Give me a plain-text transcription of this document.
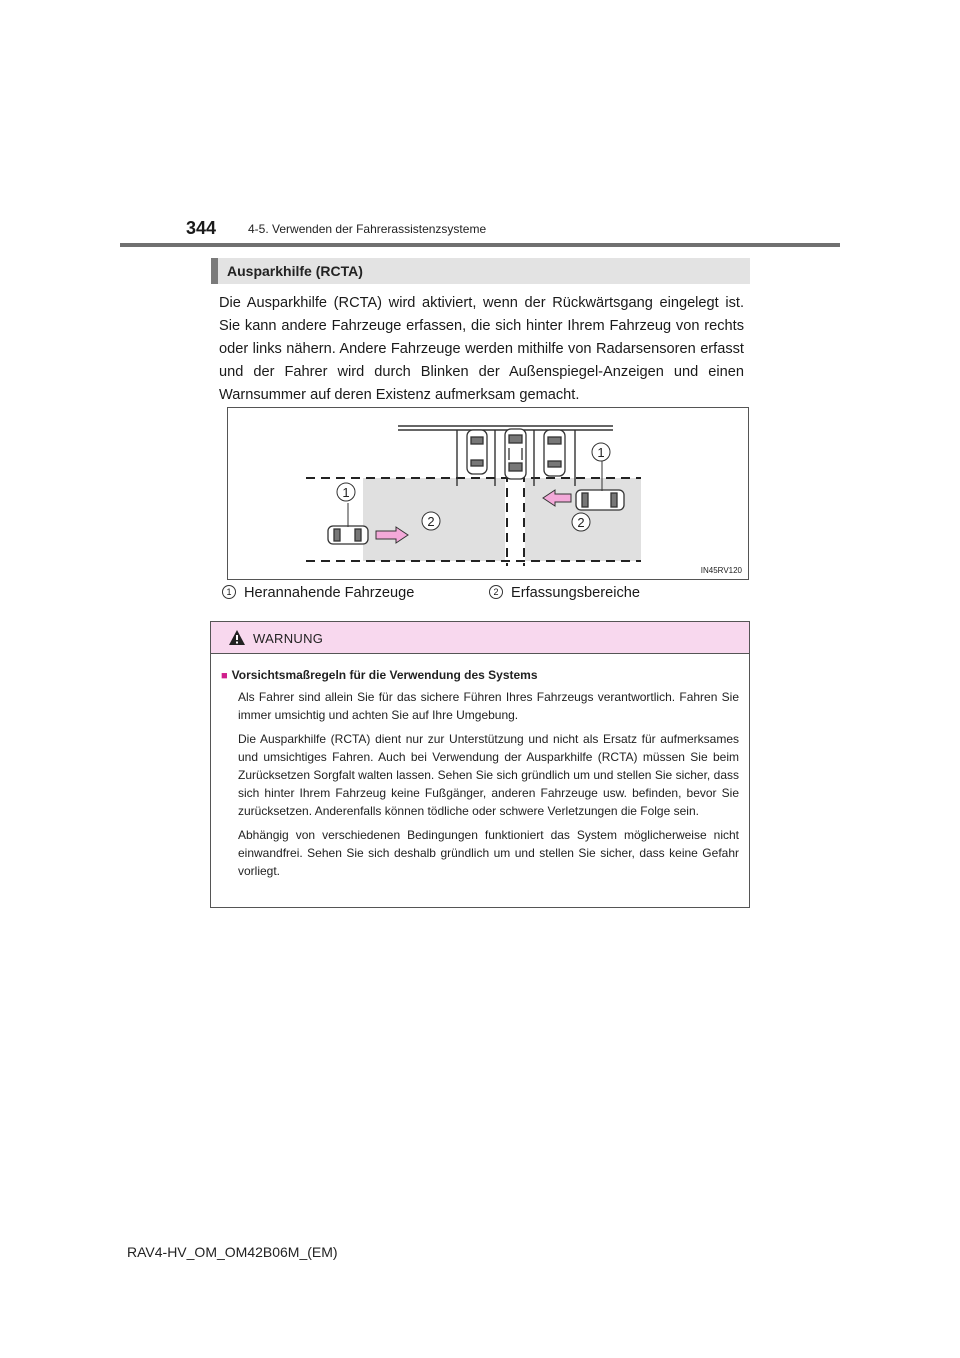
344	4-5. Verwenden der Fahrerassistenzsysteme
Ausparkhilfe (RCTA)

Die Ausparkhilfe (RCTA) wird aktiviert, wenn der Rückwärtsgang eingelegt ist. Sie kann andere Fahrzeuge erfassen, die sich hinter Ihrem Fahrzeug von rechts oder links nähern. Andere Fahrzeuge werden mithilfe von Radarsensoren erfasst und der Fahrer wird durch Blinken der Außenspiegel-Anzeigen und einen Warnsummer auf deren Existenz aufmerksam gemacht.

1
1
2	2
IN45RV120
1 Herannahende Fahrzeuge	2 Erfassungsbereiche
WARNUNG

■ Vorsichtsmaßregeln für die Verwendung des Systems

Als Fahrer sind allein Sie für das sichere Führen Ihres Fahrzeugs verantwortlich. Fahren Sie immer umsichtig und achten Sie auf Ihre Umgebung.

Die Ausparkhilfe (RCTA) dient nur zur Unterstützung und nicht als Ersatz für aufmerksames und umsichtiges Fahren. Auch bei Verwendung der Ausparkhilfe (RCTA) müssen Sie beim Zurücksetzen Sorgfalt walten lassen. Sehen Sie sich gründlich um und stellen Sie sicher, dass sich hinter Ihrem Fahrzeug keine Fußgänger, anderen Fahrzeuge usw. befinden, bevor Sie zurücksetzen. Anderenfalls können tödliche oder schwere Verletzungen die Folge sein.

Abhängig von verschiedenen Bedingungen funktioniert das System möglicherweise nicht einwandfrei. Sehen Sie sich deshalb gründlich um und stellen Sie sicher, dass keine Gefahr vorliegt.

RAV4-HV_OM_OM42B06M_(EM)
